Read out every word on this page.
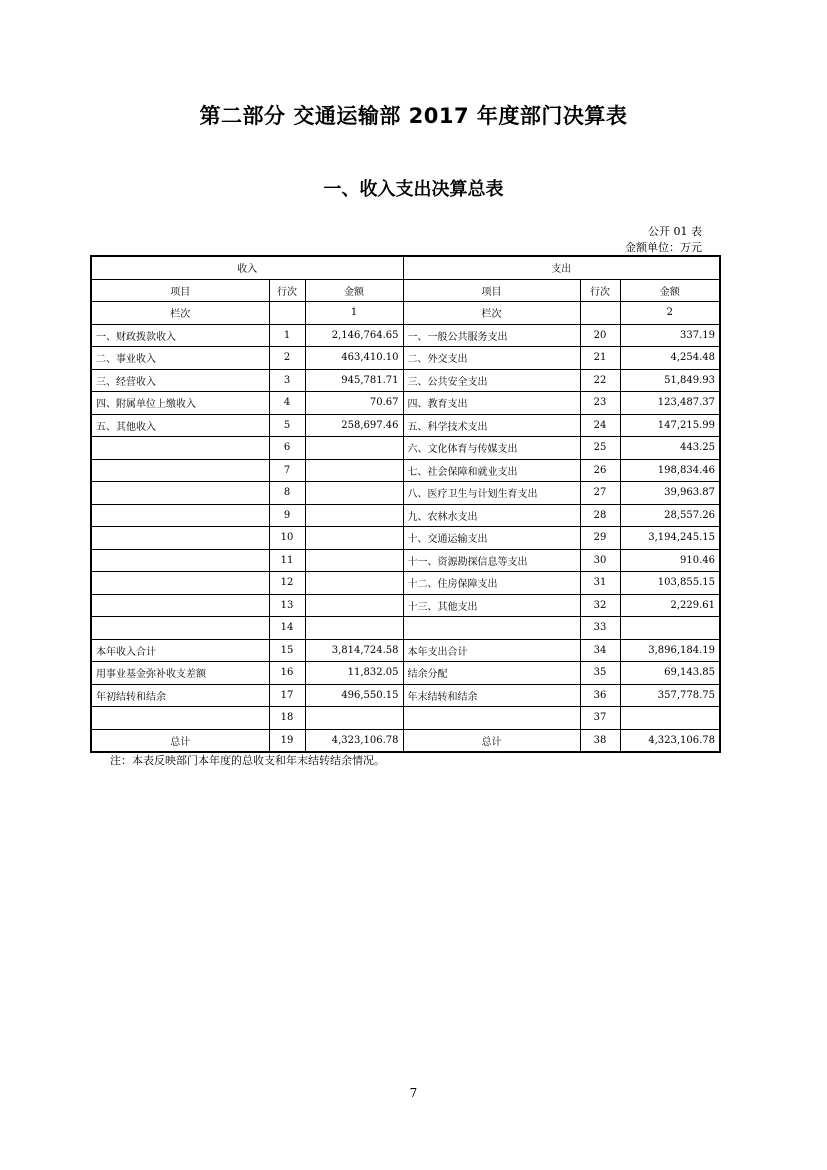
第二部分 交通运输部 2017 年度部门决算表
一、收入支出决算总表
公开 01 表
金额单位：万元
收入			支出		
项目	行次	金额	项目	行次	金额
栏次		1	栏次		2
一、财政拨款收入	1	2,146,764.65	一、一般公共服务支出	20	337.19
二、事业收入	2	463,410.10	二、外交支出	21	4,254.48
三、经营收入	3	945,781.71	三、公共安全支出	22	51,849.93
四、附属单位上缴收入	4	70.67	四、教育支出	23	123,487.37
五、其他收入	5	258,697.46	五、科学技术支出	24	147,215.99
	6		六、文化体育与传媒支出	25	443.25
	7		七、社会保障和就业支出	26	198,834.46
	8		八、医疗卫生与计划生育支出	27	39,963.87
	9		九、农林水支出	28	28,557.26
	10		十、交通运输支出	29	3,194,245.15
	11		十一、资源勘探信息等支出	30	910.46
	12		十二、住房保障支出	31	103,855.15
	13		十三、其他支出	32	2,229.61
	14			33	
本年收入合计	15	3,814,724.58	本年支出合计	34	3,896,184.19
用事业基金弥补收支差额	16	11,832.05	结余分配	35	69,143.85
年初结转和结余	17	496,550.15	年末结转和结余	36	357,778.75
	18			37	
总计	19	4,323,106.78	总计	38	4,323,106.78
注：本表反映部门本年度的总收支和年末结转结余情况。
7
